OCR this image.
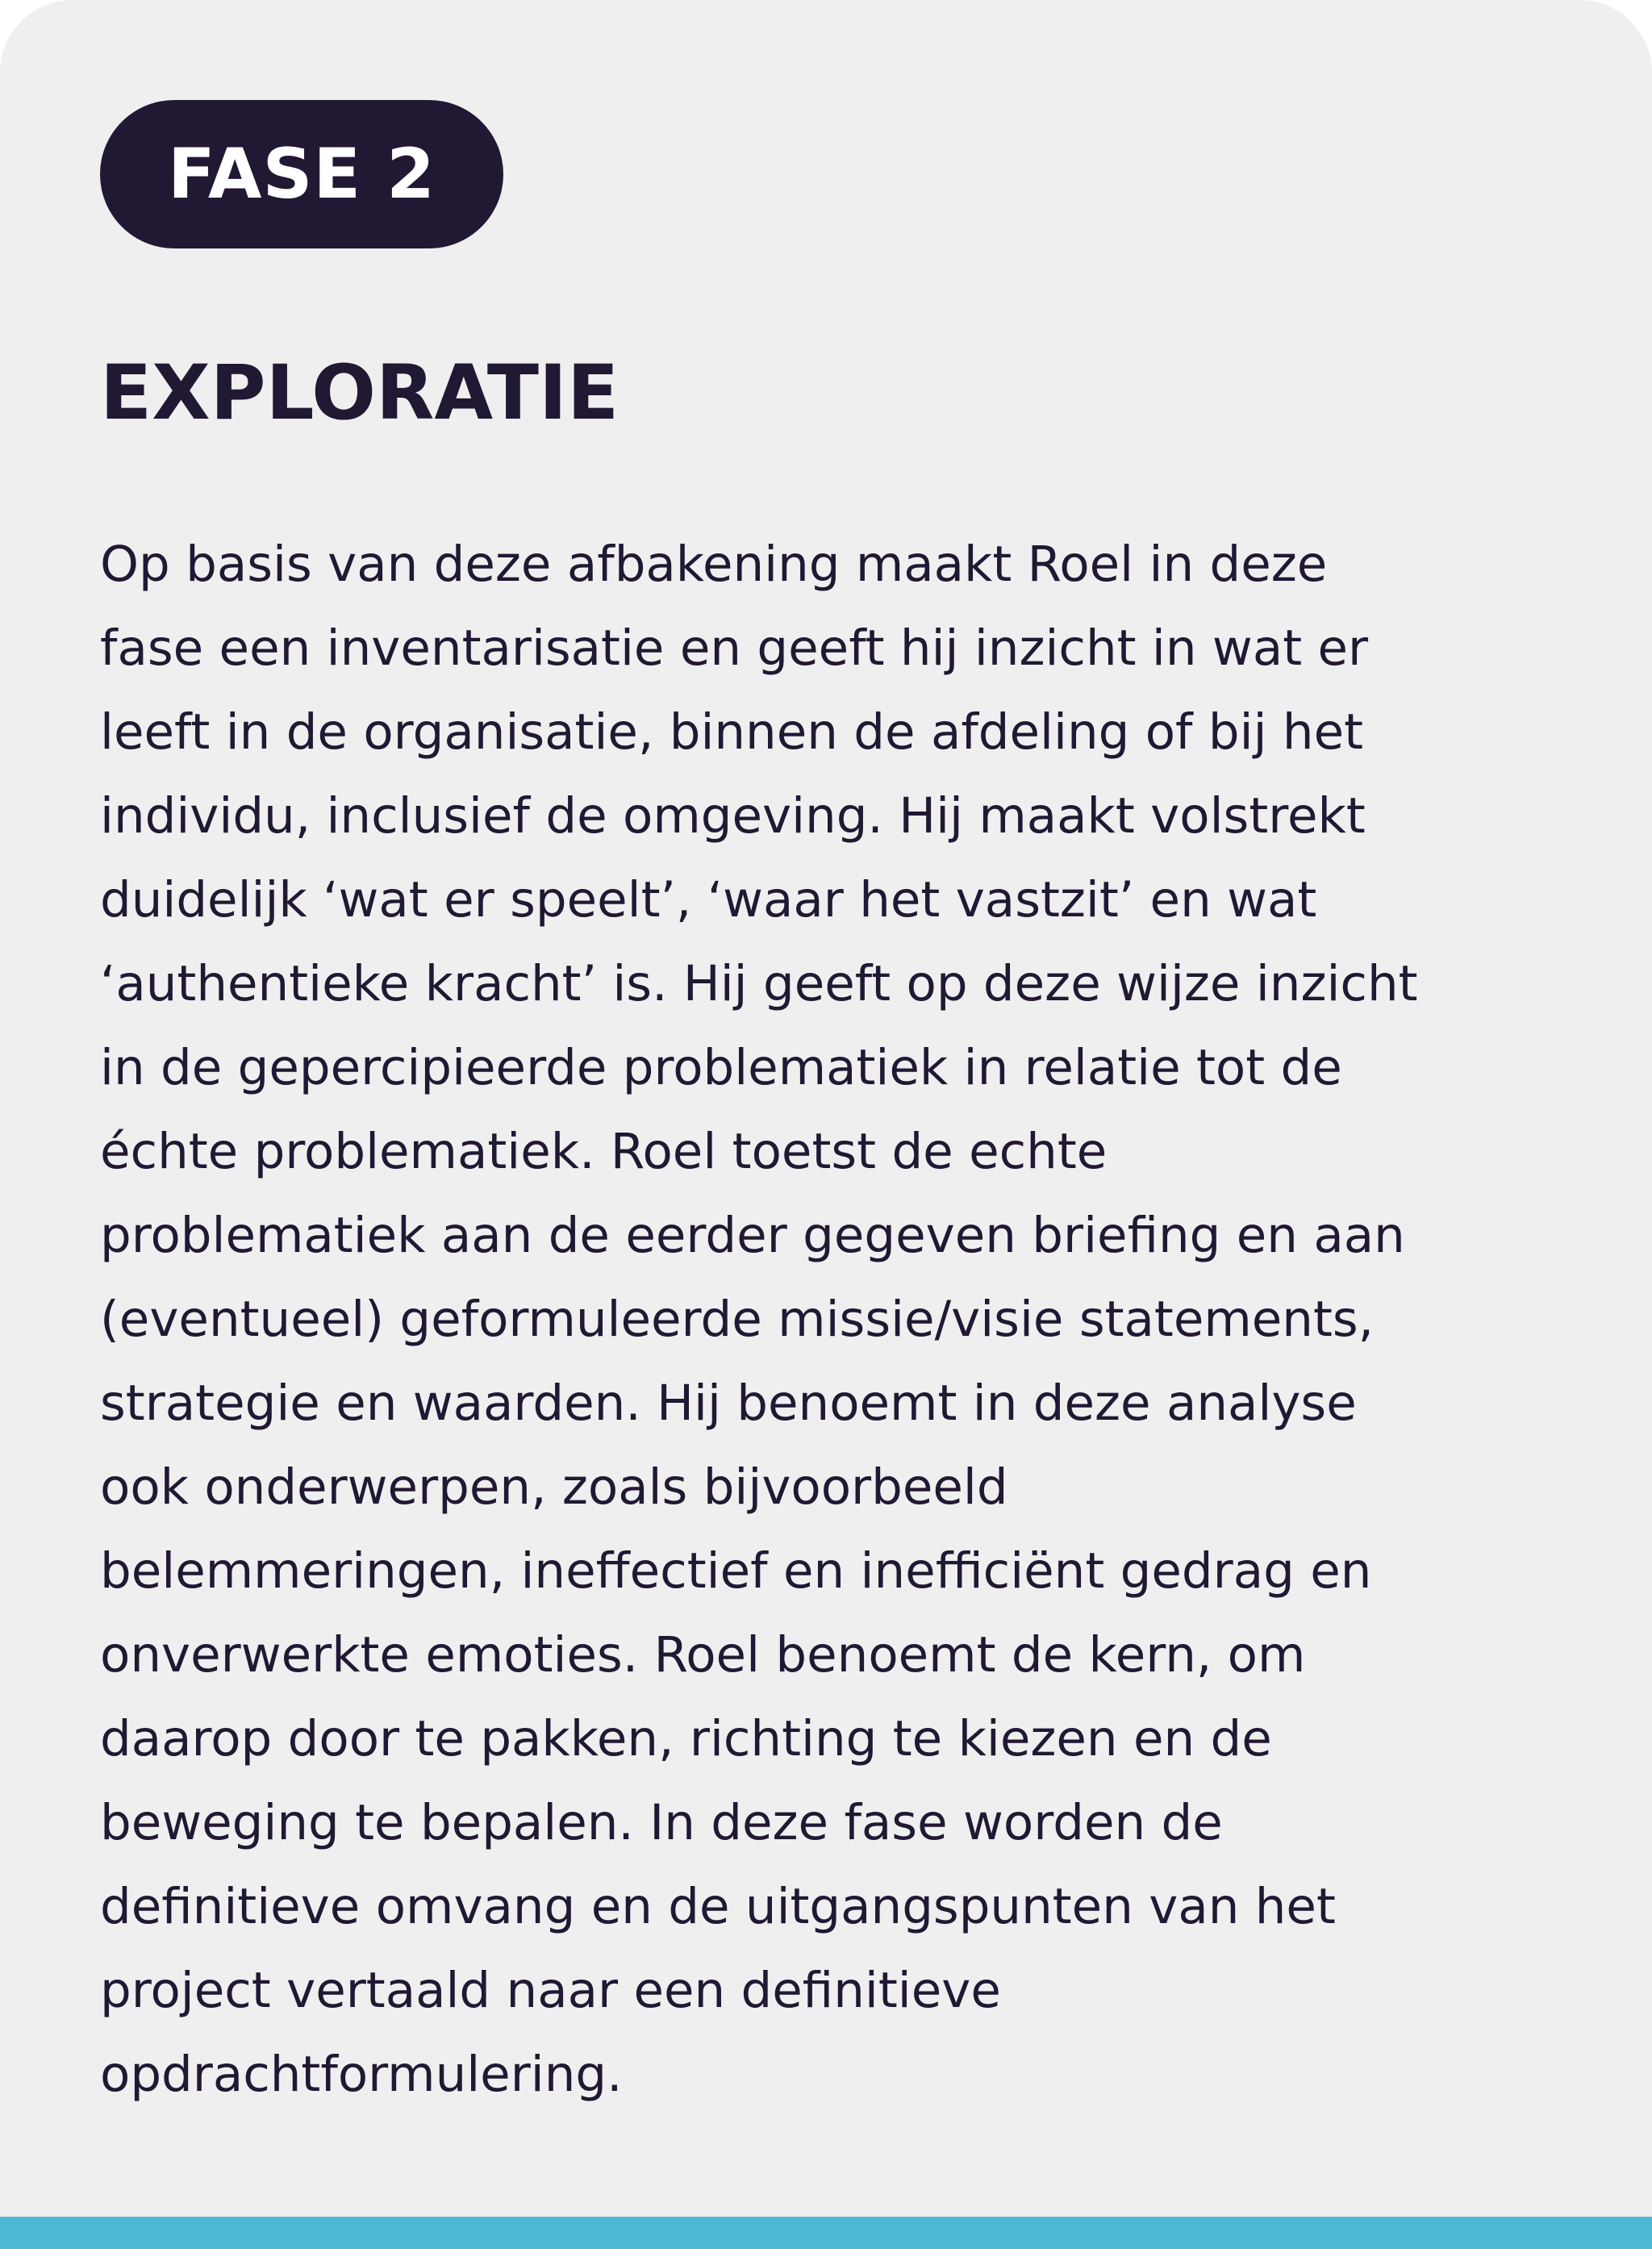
FASE 2
EXPLORATIE

Op basis van deze afbakening maakt Roel in deze
fase een inventarisatie en geeft hij inzicht in wat er
leeft in de organisatie, binnen de afdeling of bij het
individu, inclusief de omgeving. Hij maakt volstrekt
duidelijk ‘wat er speelt’, ‘waar het vastzit’ en wat
‘authentieke kracht’ is. Hij geeft op deze wijze inzicht
in de gepercipieerde problematiek in relatie tot de
échte problematiek. Roel toetst de echte
problematiek aan de eerder gegeven briefing en aan
(eventueel) geformuleerde missie/visie statements,
strategie en waarden. Hij benoemt in deze analyse
ook onderwerpen, zoals bijvoorbeeld
belemmeringen, ineffectief en inefficiënt gedrag en
onverwerkte emoties. Roel benoemt de kern, om
daarop door te pakken, richting te kiezen en de
beweging te bepalen. In deze fase worden de
definitieve omvang en de uitgangspunten van het
project vertaald naar een definitieve
opdrachtformulering.
